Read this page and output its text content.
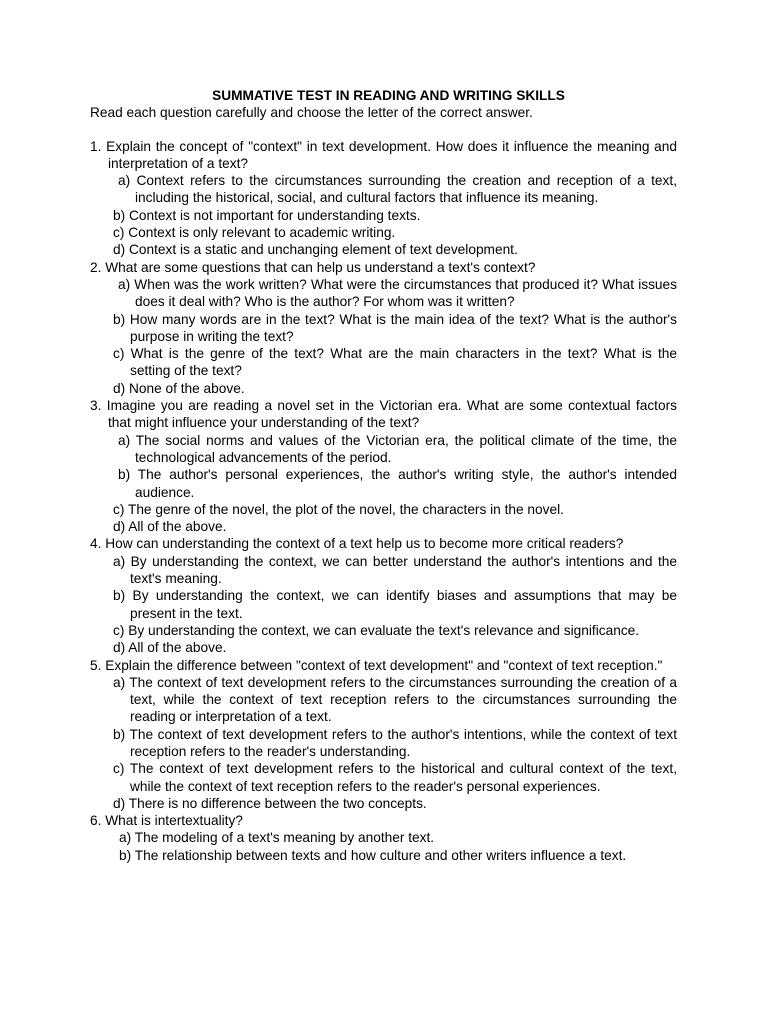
SUMMATIVE TEST IN READING AND WRITING SKILLS
Read each question carefully and choose the letter of the correct answer.
1. Explain the concept of "context" in text development. How does it influence the meaning and interpretation of a text?
a) Context refers to the circumstances surrounding the creation and reception of a text, including the historical, social, and cultural factors that influence its meaning.
b) Context is not important for understanding texts.
c) Context is only relevant to academic writing.
d) Context is a static and unchanging element of text development.
2. What are some questions that can help us understand a text's context?
a) When was the work written? What were the circumstances that produced it? What issues does it deal with? Who is the author? For whom was it written?
b) How many words are in the text? What is the main idea of the text? What is the author's purpose in writing the text?
c) What is the genre of the text? What are the main characters in the text? What is the setting of the text?
d) None of the above.
3. Imagine you are reading a novel set in the Victorian era. What are some contextual factors that might influence your understanding of the text?
a) The social norms and values of the Victorian era, the political climate of the time, the technological advancements of the period.
b) The author's personal experiences, the author's writing style, the author's intended audience.
c) The genre of the novel, the plot of the novel, the characters in the novel.
d) All of the above.
4. How can understanding the context of a text help us to become more critical readers?
a) By understanding the context, we can better understand the author's intentions and the text's meaning.
b) By understanding the context, we can identify biases and assumptions that may be present in the text.
c) By understanding the context, we can evaluate the text's relevance and significance.
d) All of the above.
5. Explain the difference between "context of text development" and "context of text reception."
a) The context of text development refers to the circumstances surrounding the creation of a text, while the context of text reception refers to the circumstances surrounding the reading or interpretation of a text.
b) The context of text development refers to the author's intentions, while the context of text reception refers to the reader's understanding.
c) The context of text development refers to the historical and cultural context of the text, while the context of text reception refers to the reader's personal experiences.
d) There is no difference between the two concepts.
6. What is intertextuality?
a) The modeling of a text's meaning by another text.
b) The relationship between texts and how culture and other writers influence a text.
